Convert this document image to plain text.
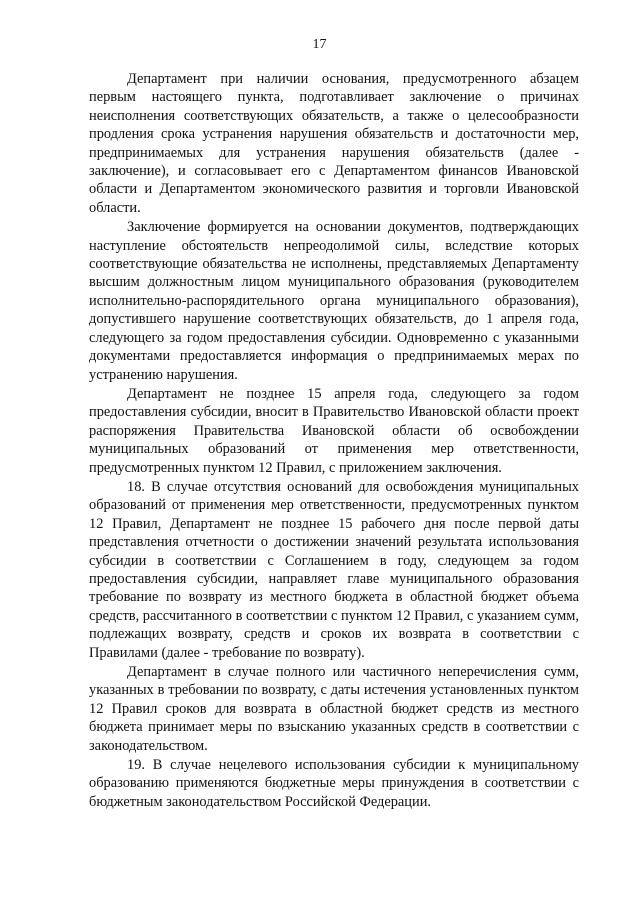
17

Департамент при наличии основания, предусмотренного абзацем первым настоящего пункта, подготавливает заключение о причинах неисполнения соответствующих обязательств, а также о целесообразности продления срока устранения нарушения обязательств и достаточности мер, предпринимаемых для устранения нарушения обязательств (далее - заключение), и согласовывает его с Департаментом финансов Ивановской области и Департаментом экономического развития и торговли Ивановской области.

Заключение формируется на основании документов, подтверждающих наступление обстоятельств непреодолимой силы, вследствие которых соответствующие обязательства не исполнены, представляемых Департаменту высшим должностным лицом муниципального образования (руководителем исполнительно-распорядительного органа муниципального образования), допустившего нарушение соответствующих обязательств, до 1 апреля года, следующего за годом предоставления субсидии. Одновременно с указанными документами предоставляется информация о предпринимаемых мерах по устранению нарушения.

Департамент не позднее 15 апреля года, следующего за годом предоставления субсидии, вносит в Правительство Ивановской области проект распоряжения Правительства Ивановской области об освобождении муниципальных образований от применения мер ответственности, предусмотренных пунктом 12 Правил, с приложением заключения.

18. В случае отсутствия оснований для освобождения муниципальных образований от применения мер ответственности, предусмотренных пунктом 12 Правил, Департамент не позднее 15 рабочего дня после первой даты представления отчетности о достижении значений результата использования субсидии в соответствии с Соглашением в году, следующем за годом предоставления субсидии, направляет главе муниципального образования требование по возврату из местного бюджета в областной бюджет объема средств, рассчитанного в соответствии с пунктом 12 Правил, с указанием сумм, подлежащих возврату, средств и сроков их возврата в соответствии с Правилами (далее - требование по возврату).

Департамент в случае полного или частичного неперечисления сумм, указанных в требовании по возврату, с даты истечения установленных пунктом 12 Правил сроков для возврата в областной бюджет средств из местного бюджета принимает меры по взысканию указанных средств в соответствии с законодательством.

19. В случае нецелевого использования субсидии к муниципальному образованию применяются бюджетные меры принуждения в соответствии с бюджетным законодательством Российской Федерации.
